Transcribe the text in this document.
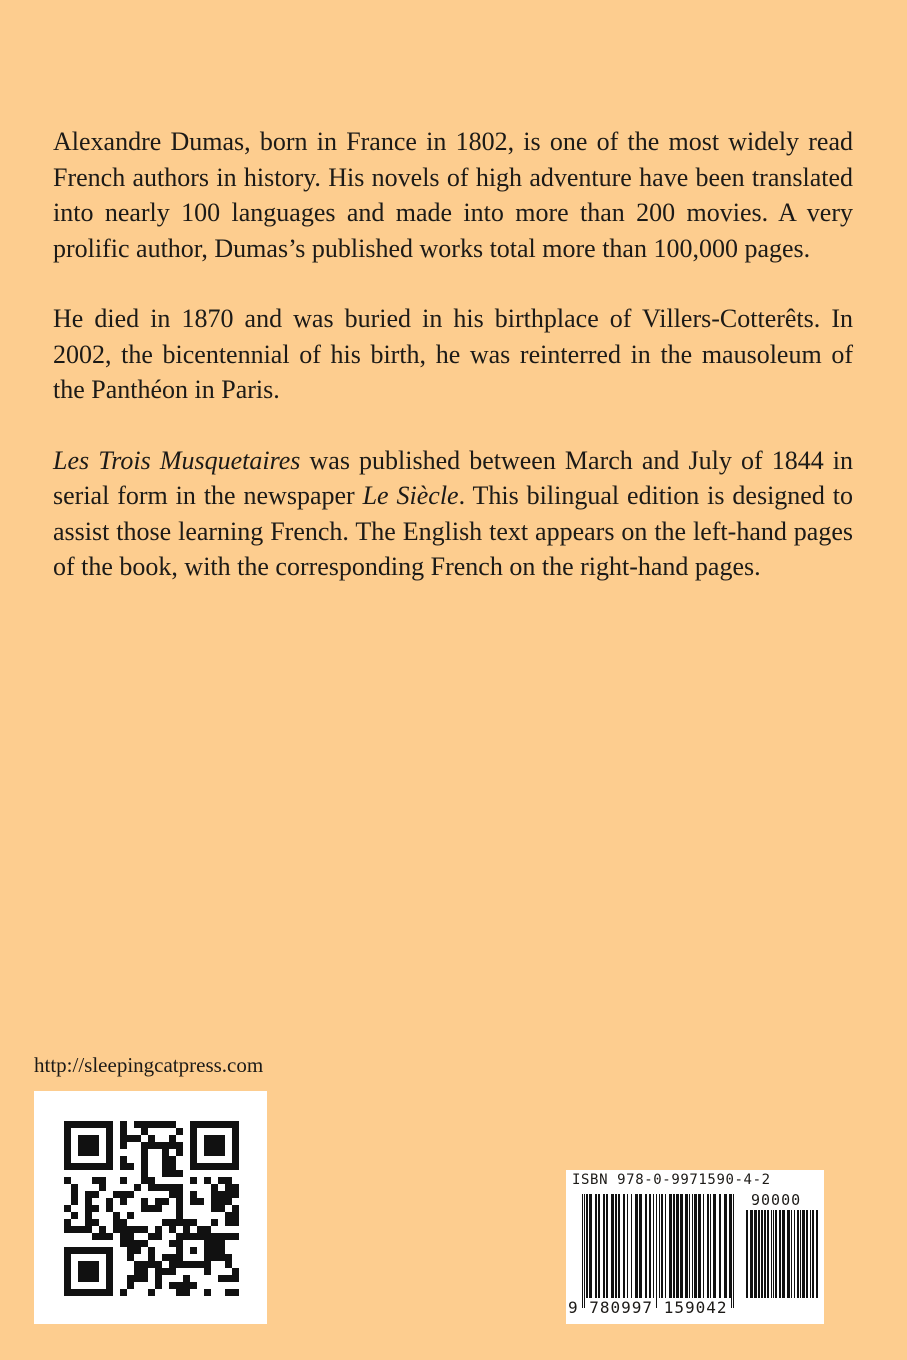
Alexandre Dumas, born in France in 1802, is one of the most widely read French authors in history. His novels of high adventure have been translated into nearly 100 languages and made into more than 200 movies. A very prolific author, Dumas’s published works total more than 100,000 pages.

He died in 1870 and was buried in his birthplace of Villers-Cotterêts. In 2002, the bicentennial of his birth, he was reinterred in the mausoleum of the Panthéon in Paris.

Les Trois Musquetaires was published between March and July of 1844 in serial form in the newspaper Le Siècle. This bilingual edition is designed to assist those learning French. The English text appears on the left-hand pages of the book, with the corresponding French on the right-hand pages.

http://sleepingcatpress.com
ISBN 978-0-9971590-4-2
90000
9 780997 159042
